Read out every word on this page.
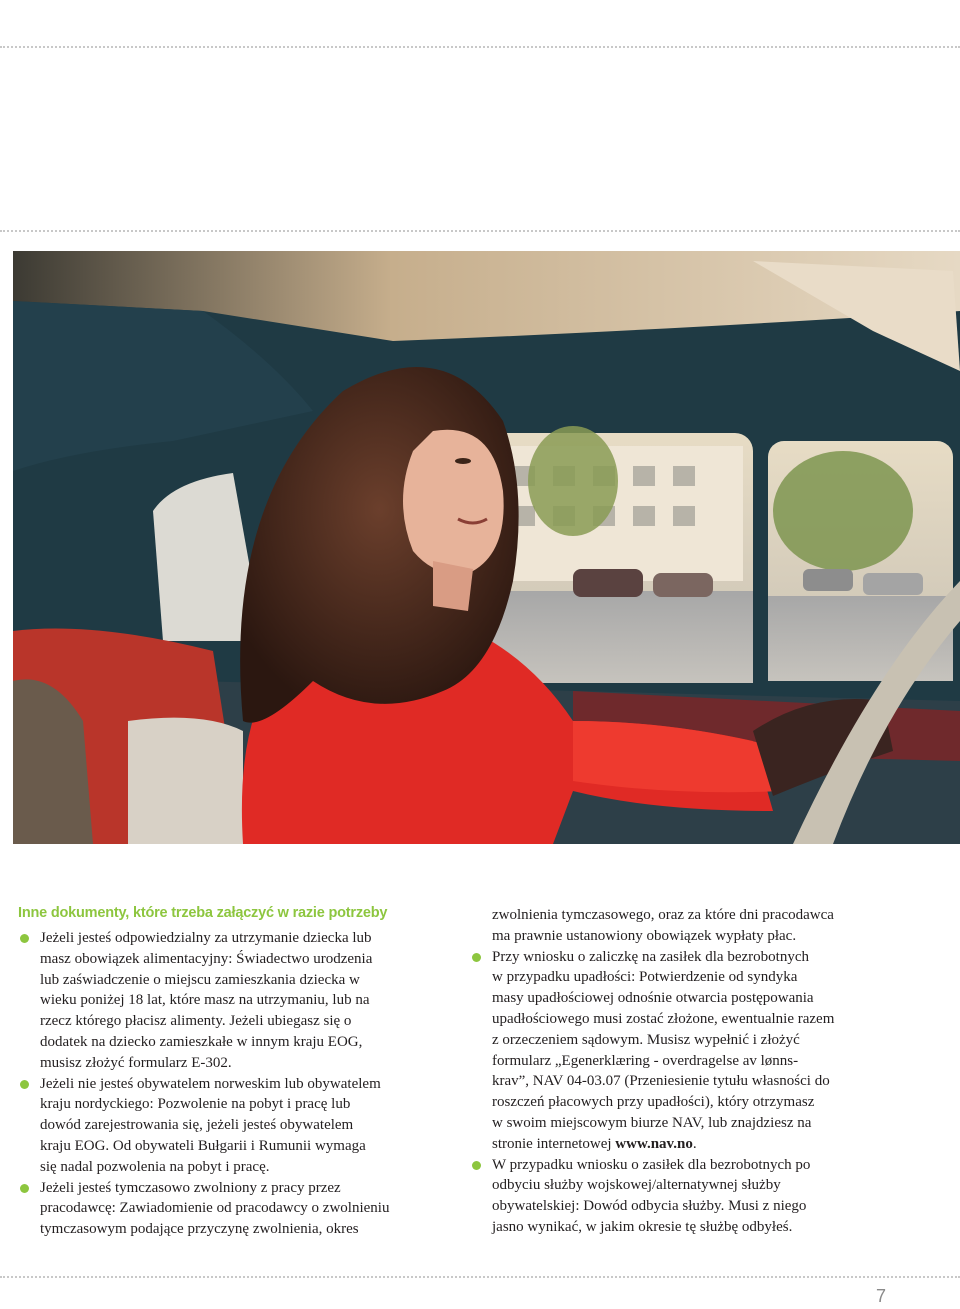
Inne dokumenty, które trzeba załączyć w razie potrzeby
Jeżeli jesteś odpowiedzialny za utrzymanie dziecka lub
masz obowiązek alimentacyjny: Świadectwo urodzenia
lub zaświadczenie o miejscu zamieszkania dziecka w
wieku poniżej 18 lat, które masz na utrzymaniu, lub na
rzecz którego płacisz alimenty. Jeżeli ubiegasz się o
dodatek na dziecko zamieszkałe w innym kraju EOG,
musisz złożyć formularz E-302.
Jeżeli nie jesteś obywatelem norweskim lub obywatelem
kraju nordyckiego: Pozwolenie na pobyt i pracę lub
dowód zarejestrowania się, jeżeli jesteś obywatelem
kraju EOG. Od obywateli Bułgarii i Rumunii wymaga
się nadal pozwolenia na pobyt i pracę.
Jeżeli jesteś tymczasowo zwolniony z pracy przez
pracodawcę: Zawiadomienie od pracodawcy o zwolnieniu
tymczasowym podające przyczynę zwolnienia, okres
zwolnienia tymczasowego, oraz za które dni pracodawca
ma prawnie ustanowiony obowiązek wypłaty płac.
Przy wniosku o zaliczkę na zasiłek dla bezrobotnych
w przypadku upadłości: Potwierdzenie od syndyka
masy upadłościowej odnośnie otwarcia postępowania
upadłościowego musi zostać złożone, ewentualnie razem
z orzeczeniem sądowym. Musisz wypełnić i złożyć
formularz „Egenerklæring - overdragelse av lønns-
krav”, NAV 04-03.07 (Przeniesienie tytułu własności do
roszczeń płacowych przy upadłości), który otrzymasz
w swoim miejscowym biurze NAV, lub znajdziesz na
stronie internetowej www.nav.no.
W przypadku wniosku o zasiłek dla bezrobotnych po
odbyciu służby wojskowej/alternatywnej służby
obywatelskiej: Dowód odbycia służby. Musi z niego
jasno wynikać, w jakim okresie tę służbę odbyłeś.
7
